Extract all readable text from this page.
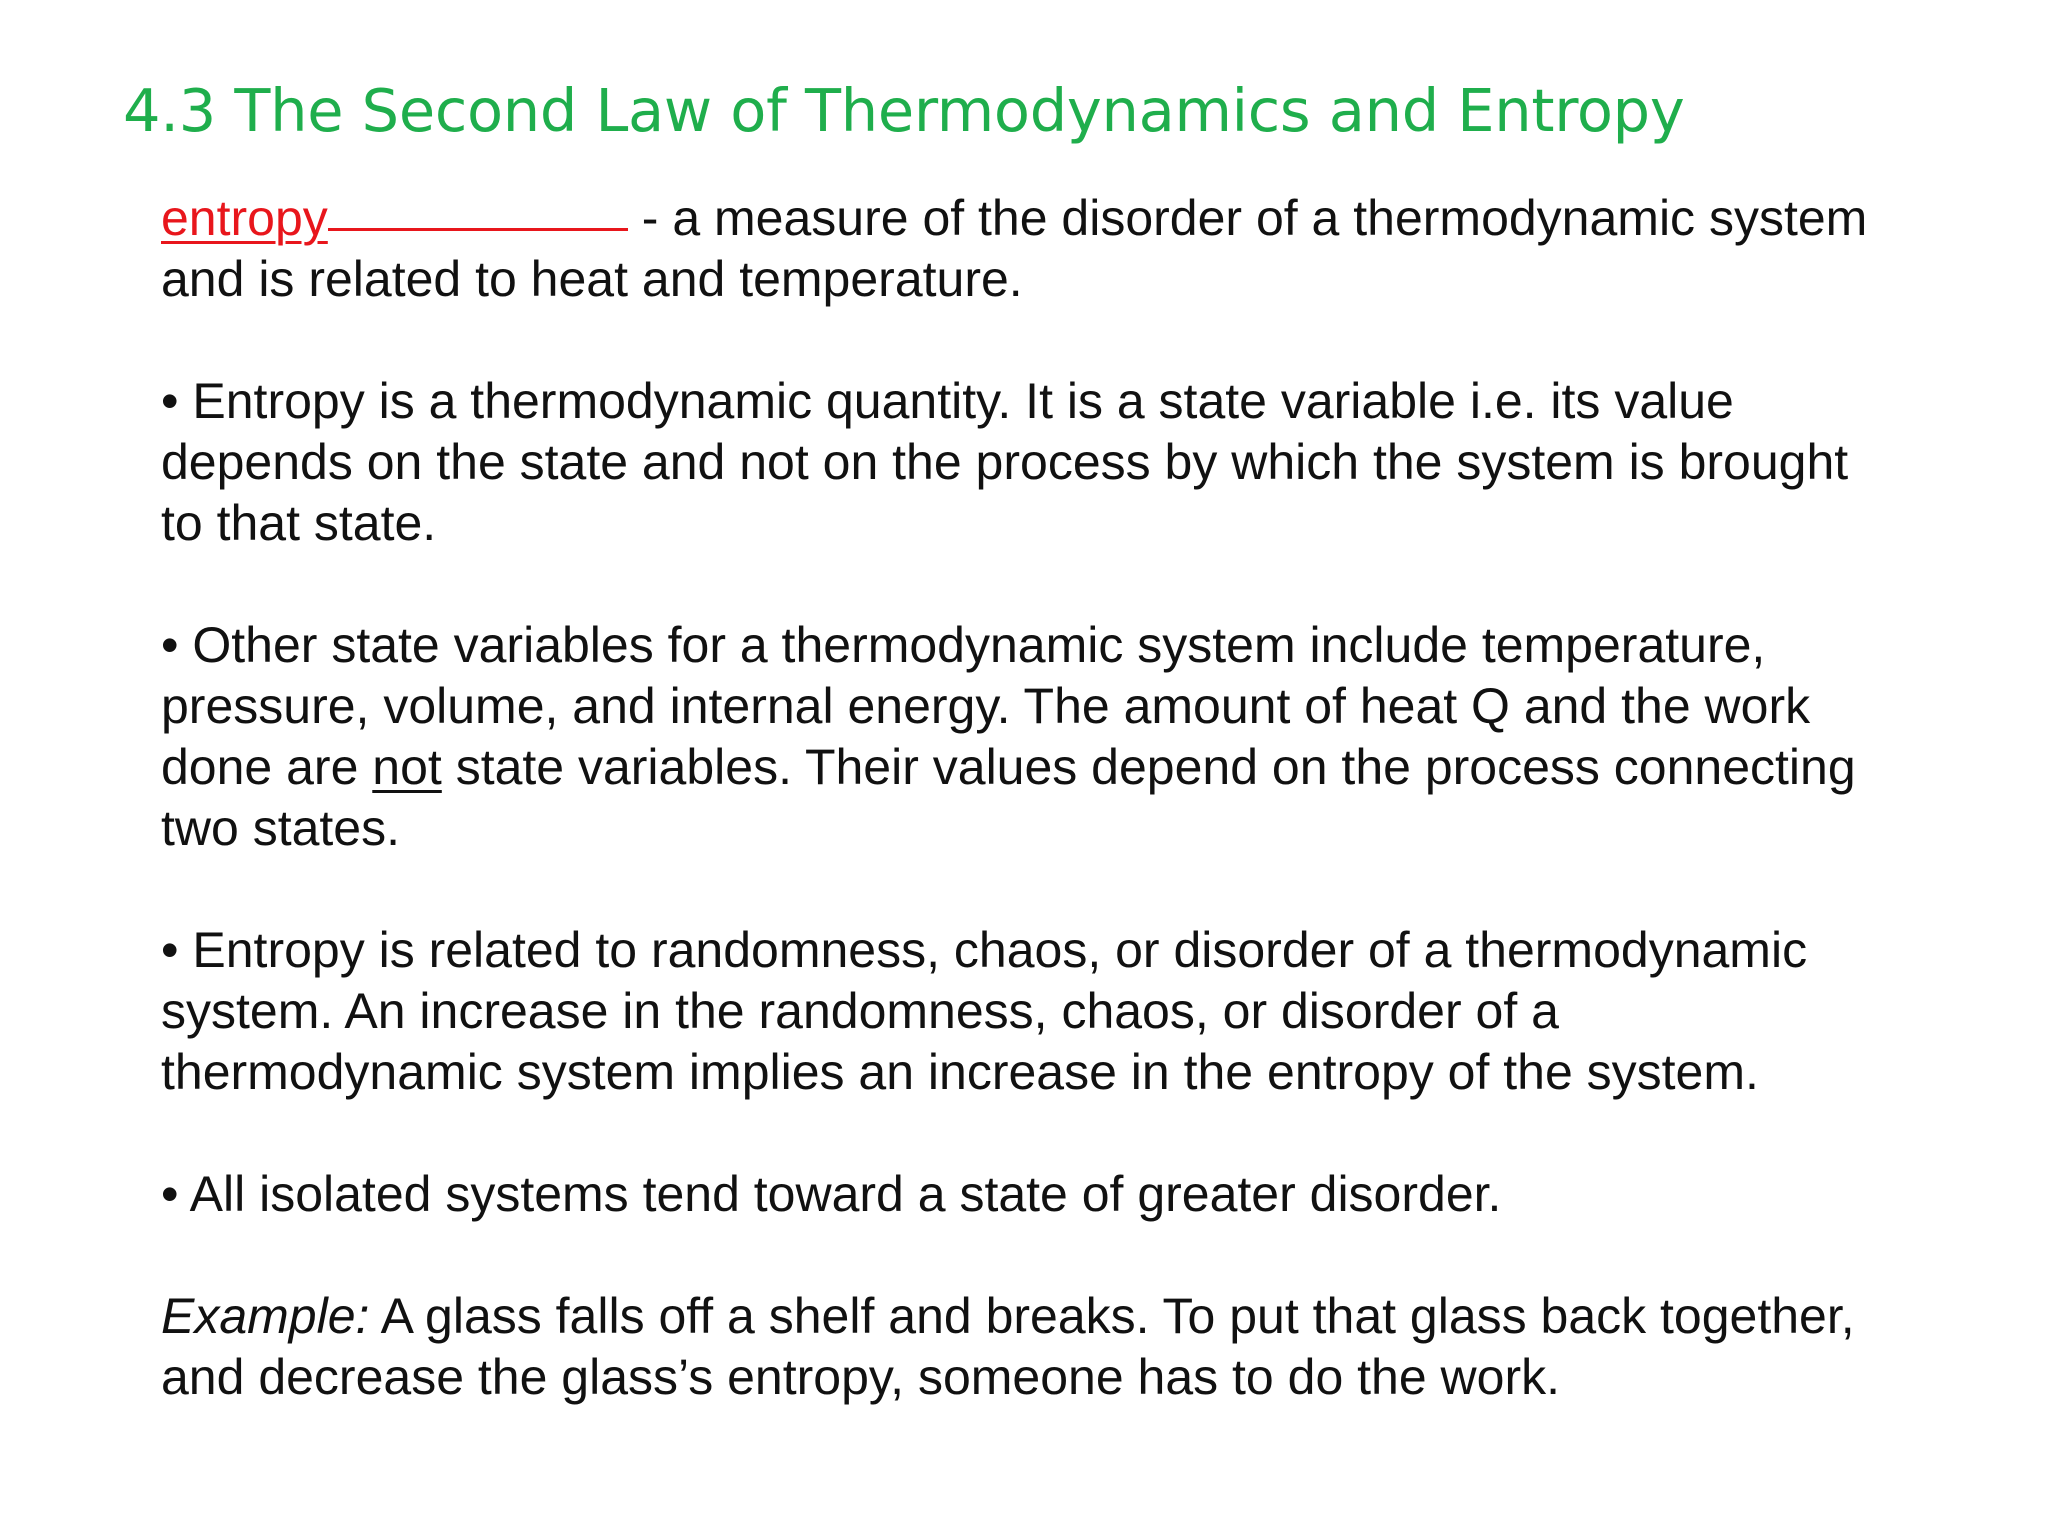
4.3 The Second Law of Thermodynamics and Entropy

entropy	- a measure of the disorder of a thermodynamic system

and is related to heat and temperature.

• Entropy is a thermodynamic quantity. It is a state variable i.e. its value

depends on the state and not on the process by which the system is brought

to that state.

• Other state variables for a thermodynamic system include temperature,

pressure, volume, and internal energy. The amount of heat Q and the work

done are not state variables. Their values depend on the process connecting

two states.

• Entropy is related to randomness, chaos, or disorder of a thermodynamic

system. An increase in the randomness, chaos, or disorder of a

thermodynamic system implies an increase in the entropy of the system.

• All isolated systems tend toward a state of greater disorder.

Example: A glass falls off a shelf and breaks. To put that glass back together,

and decrease the glass’s entropy, someone has to do the work.
